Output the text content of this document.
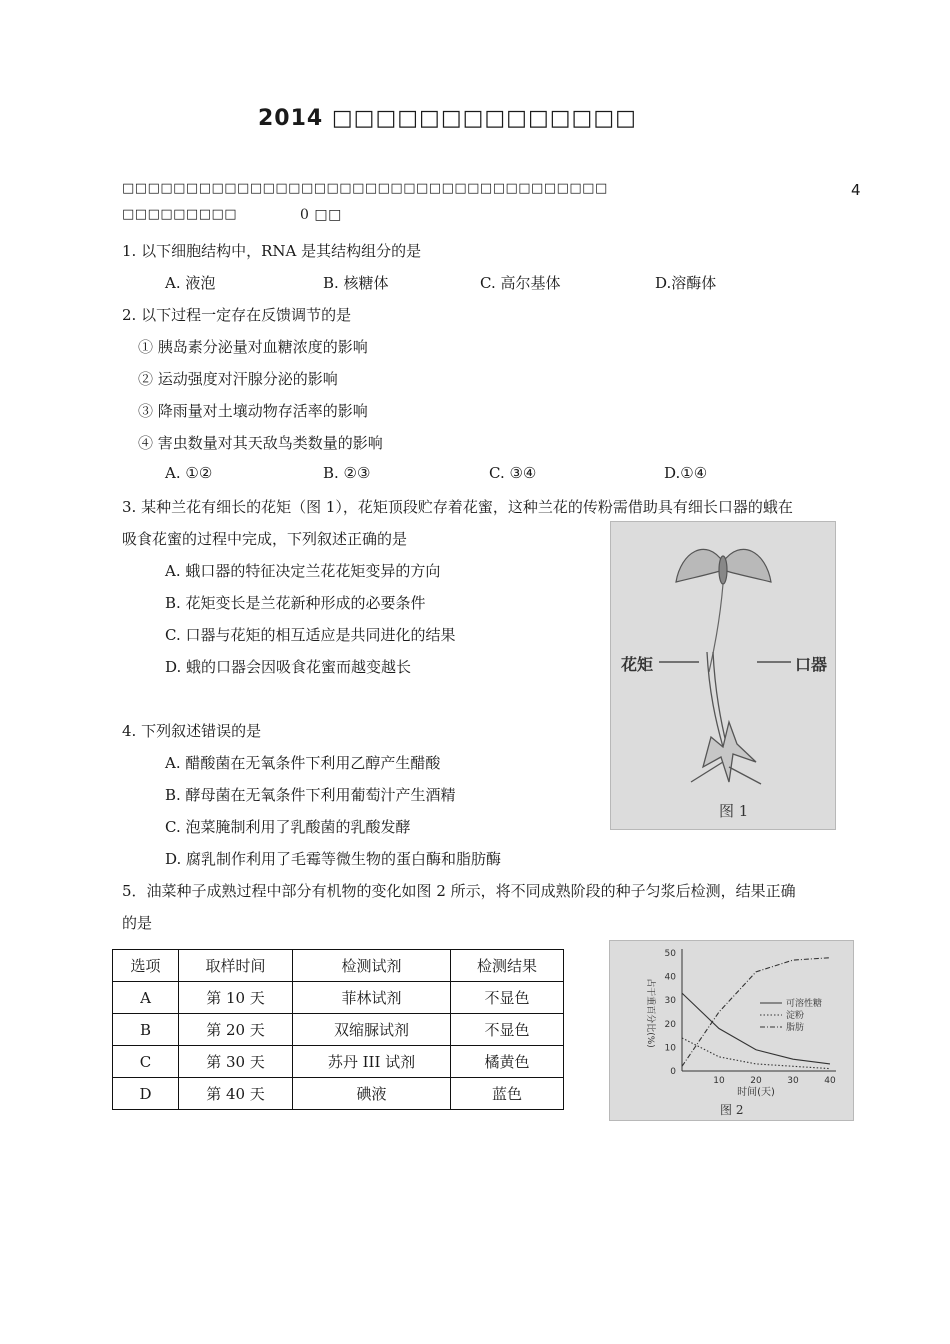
2014 □□□□□□□□□□□□□□
□□□□□□□□□□□□□□□□□□□□□□□□□□□□□□□□□□□□□□	4
□□□□□□□□□	0 □□
1. 以下细胞结构中，RNA 是其结构组分的是
A. 液泡	B. 核糖体	C. 高尔基体	D.溶酶体
2. 以下过程一定存在反馈调节的是
① 胰岛素分泌量对血糖浓度的影响
② 运动强度对汗腺分泌的影响
③ 降雨量对土壤动物存活率的影响
④ 害虫数量对其天敌鸟类数量的影响
A. ①②	B. ②③	C. ③④	D.①④
3. 某种兰花有细长的花矩（图 1），花矩顶段贮存着花蜜，这种兰花的传粉需借助具有细长口器的蛾在
吸食花蜜的过程中完成，下列叙述正确的是
A. 蛾口器的特征决定兰花花矩变异的方向
B. 花矩变长是兰花新种形成的必要条件
C. 口器与花矩的相互适应是共同进化的结果
D. 蛾的口器会因吸食花蜜而越变越长	花矩	口器
图 1
4. 下列叙述错误的是
A. 醋酸菌在无氧条件下利用乙醇产生醋酸
B. 酵母菌在无氧条件下利用葡萄汁产生酒精
C. 泡菜腌制利用了乳酸菌的乳酸发酵
D. 腐乳制作利用了毛霉等微生物的蛋白酶和脂肪酶
5．油菜种子成熟过程中部分有机物的变化如图 2 所示，将不同成熟阶段的种子匀浆后检测，结果正确
的是
选项	取样时间	检测试剂	检测结果
A	第 10 天	菲林试剂	不显色
B	第 20 天	双缩脲试剂	不显色
C	第 30 天	苏丹 III 试剂	橘黄色
D	第 40 天	碘液	蓝色
0
10
20
30
40
50
10	20	30	40
时间(天)
占干重百分比(%)	可溶性糖
淀粉
脂肪
图 2
